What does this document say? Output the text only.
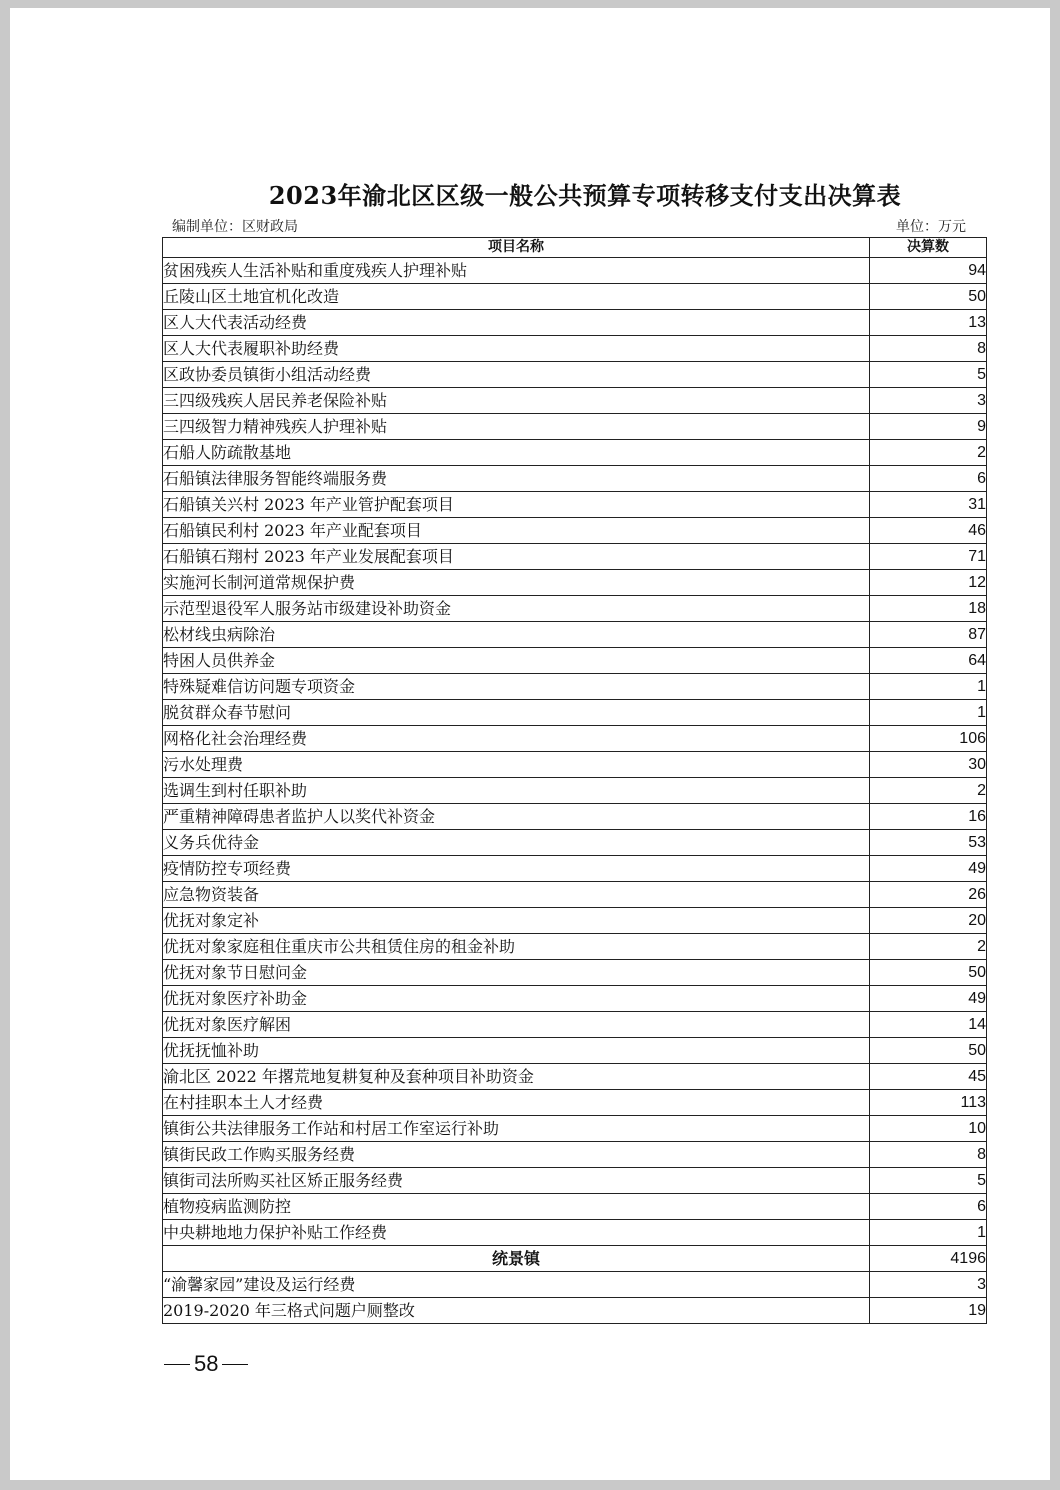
2023年渝北区区级一般公共预算专项转移支付支出决算表
编制单位：区财政局	单位：万元
项目名称	决算数
贫困残疾人生活补贴和重度残疾人护理补贴	94
丘陵山区土地宜机化改造	50
区人大代表活动经费	13
区人大代表履职补助经费	8
区政协委员镇街小组活动经费	5
三四级残疾人居民养老保险补贴	3
三四级智力精神残疾人护理补贴	9
石船人防疏散基地	2
石船镇法律服务智能终端服务费	6
石船镇关兴村 2023 年产业管护配套项目	31
石船镇民利村 2023 年产业配套项目	46
石船镇石翔村 2023 年产业发展配套项目	71
实施河长制河道常规保护费	12
示范型退役军人服务站市级建设补助资金	18
松材线虫病除治	87
特困人员供养金	64
特殊疑难信访问题专项资金	1
脱贫群众春节慰问	1
网格化社会治理经费	106
污水处理费	30
选调生到村任职补助	2
严重精神障碍患者监护人以奖代补资金	16
义务兵优待金	53
疫情防控专项经费	49
应急物资装备	26
优抚对象定补	20
优抚对象家庭租住重庆市公共租赁住房的租金补助	2
优抚对象节日慰问金	50
优抚对象医疗补助金	49
优抚对象医疗解困	14
优抚抚恤补助	50
渝北区 2022 年撂荒地复耕复种及套种项目补助资金	45
在村挂职本土人才经费	113
镇街公共法律服务工作站和村居工作室运行补助	10
镇街民政工作购买服务经费	8
镇街司法所购买社区矫正服务经费	5
植物疫病监测防控	6
中央耕地地力保护补贴工作经费	1
统景镇	4196
“渝馨家园”建设及运行经费	3
2019-2020 年三格式问题户厕整改	19
58
